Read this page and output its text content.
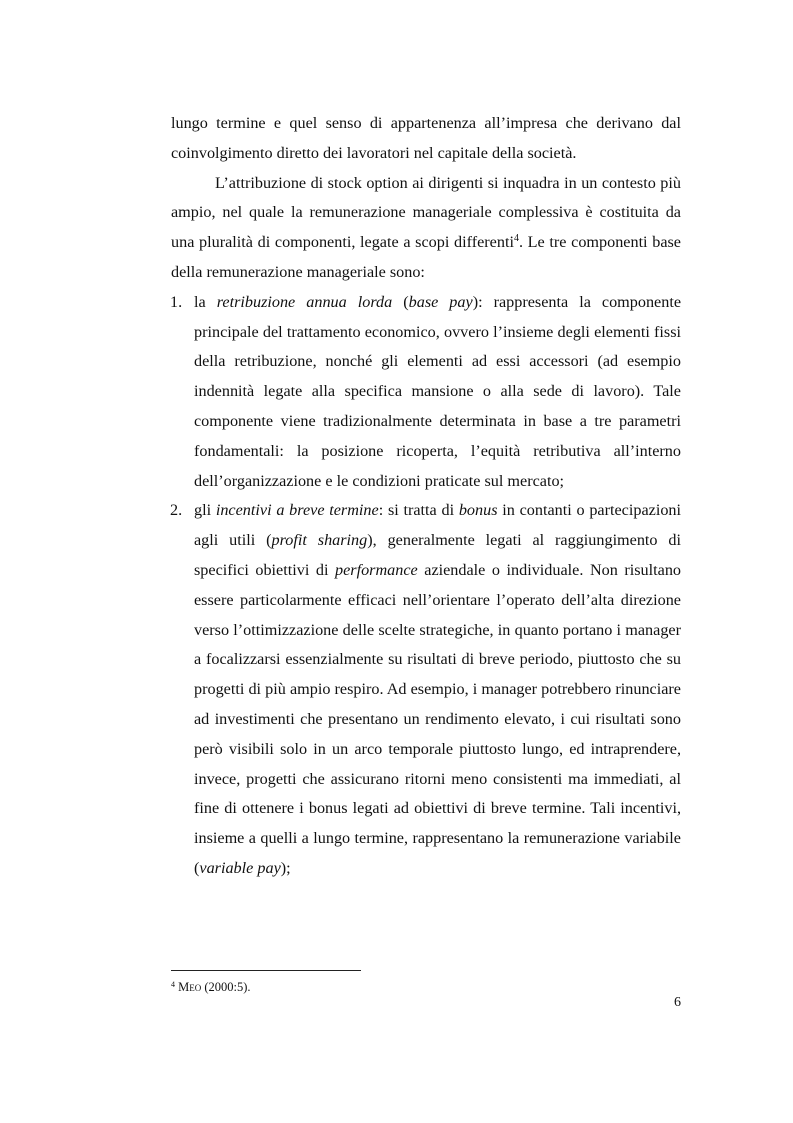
lungo termine e quel senso di appartenenza all’impresa che derivano dal coinvolgimento diretto dei lavoratori nel capitale della società.

L’attribuzione di stock option ai dirigenti si inquadra in un contesto più ampio, nel quale la remunerazione manageriale complessiva è costituita da una pluralità di componenti, legate a scopi differenti$^4$. Le tre componenti base della remunerazione manageriale sono:

1. la retribuzione annua lorda (base pay): rappresenta la componente principale del trattamento economico, ovvero l’insieme degli elementi fissi della retribuzione, nonché gli elementi ad essi accessori (ad esempio indennità legate alla specifica mansione o alla sede di lavoro). Tale componente viene tradizionalmente determinata in base a tre parametri fondamentali: la posizione ricoperta, l’equità retributiva all’interno dell’organizzazione e le condizioni praticate sul mercato;
2. gli incentivi a breve termine: si tratta di bonus in contanti o partecipazioni agli utili (profit sharing), generalmente legati al raggiungimento di specifici obiettivi di performance aziendale o individuale. Non risultano essere particolarmente efficaci nell’orientare l’operato dell’alta direzione verso l’ottimizzazione delle scelte strategiche, in quanto portano i manager a focalizzarsi essenzialmente su risultati di breve periodo, piuttosto che su progetti di più ampio respiro. Ad esempio, i manager potrebbero rinunciare ad investimenti che presentano un rendimento elevato, i cui risultati sono però visibili solo in un arco temporale piuttosto lungo, ed intraprendere, invece, progetti che assicurano ritorni meno consistenti ma immediati, al fine di ottenere i bonus legati ad obiettivi di breve termine. Tali incentivi, insieme a quelli a lungo termine, rappresentano la remunerazione variabile (variable pay);
$^4$ Meo (2000:5).
6
